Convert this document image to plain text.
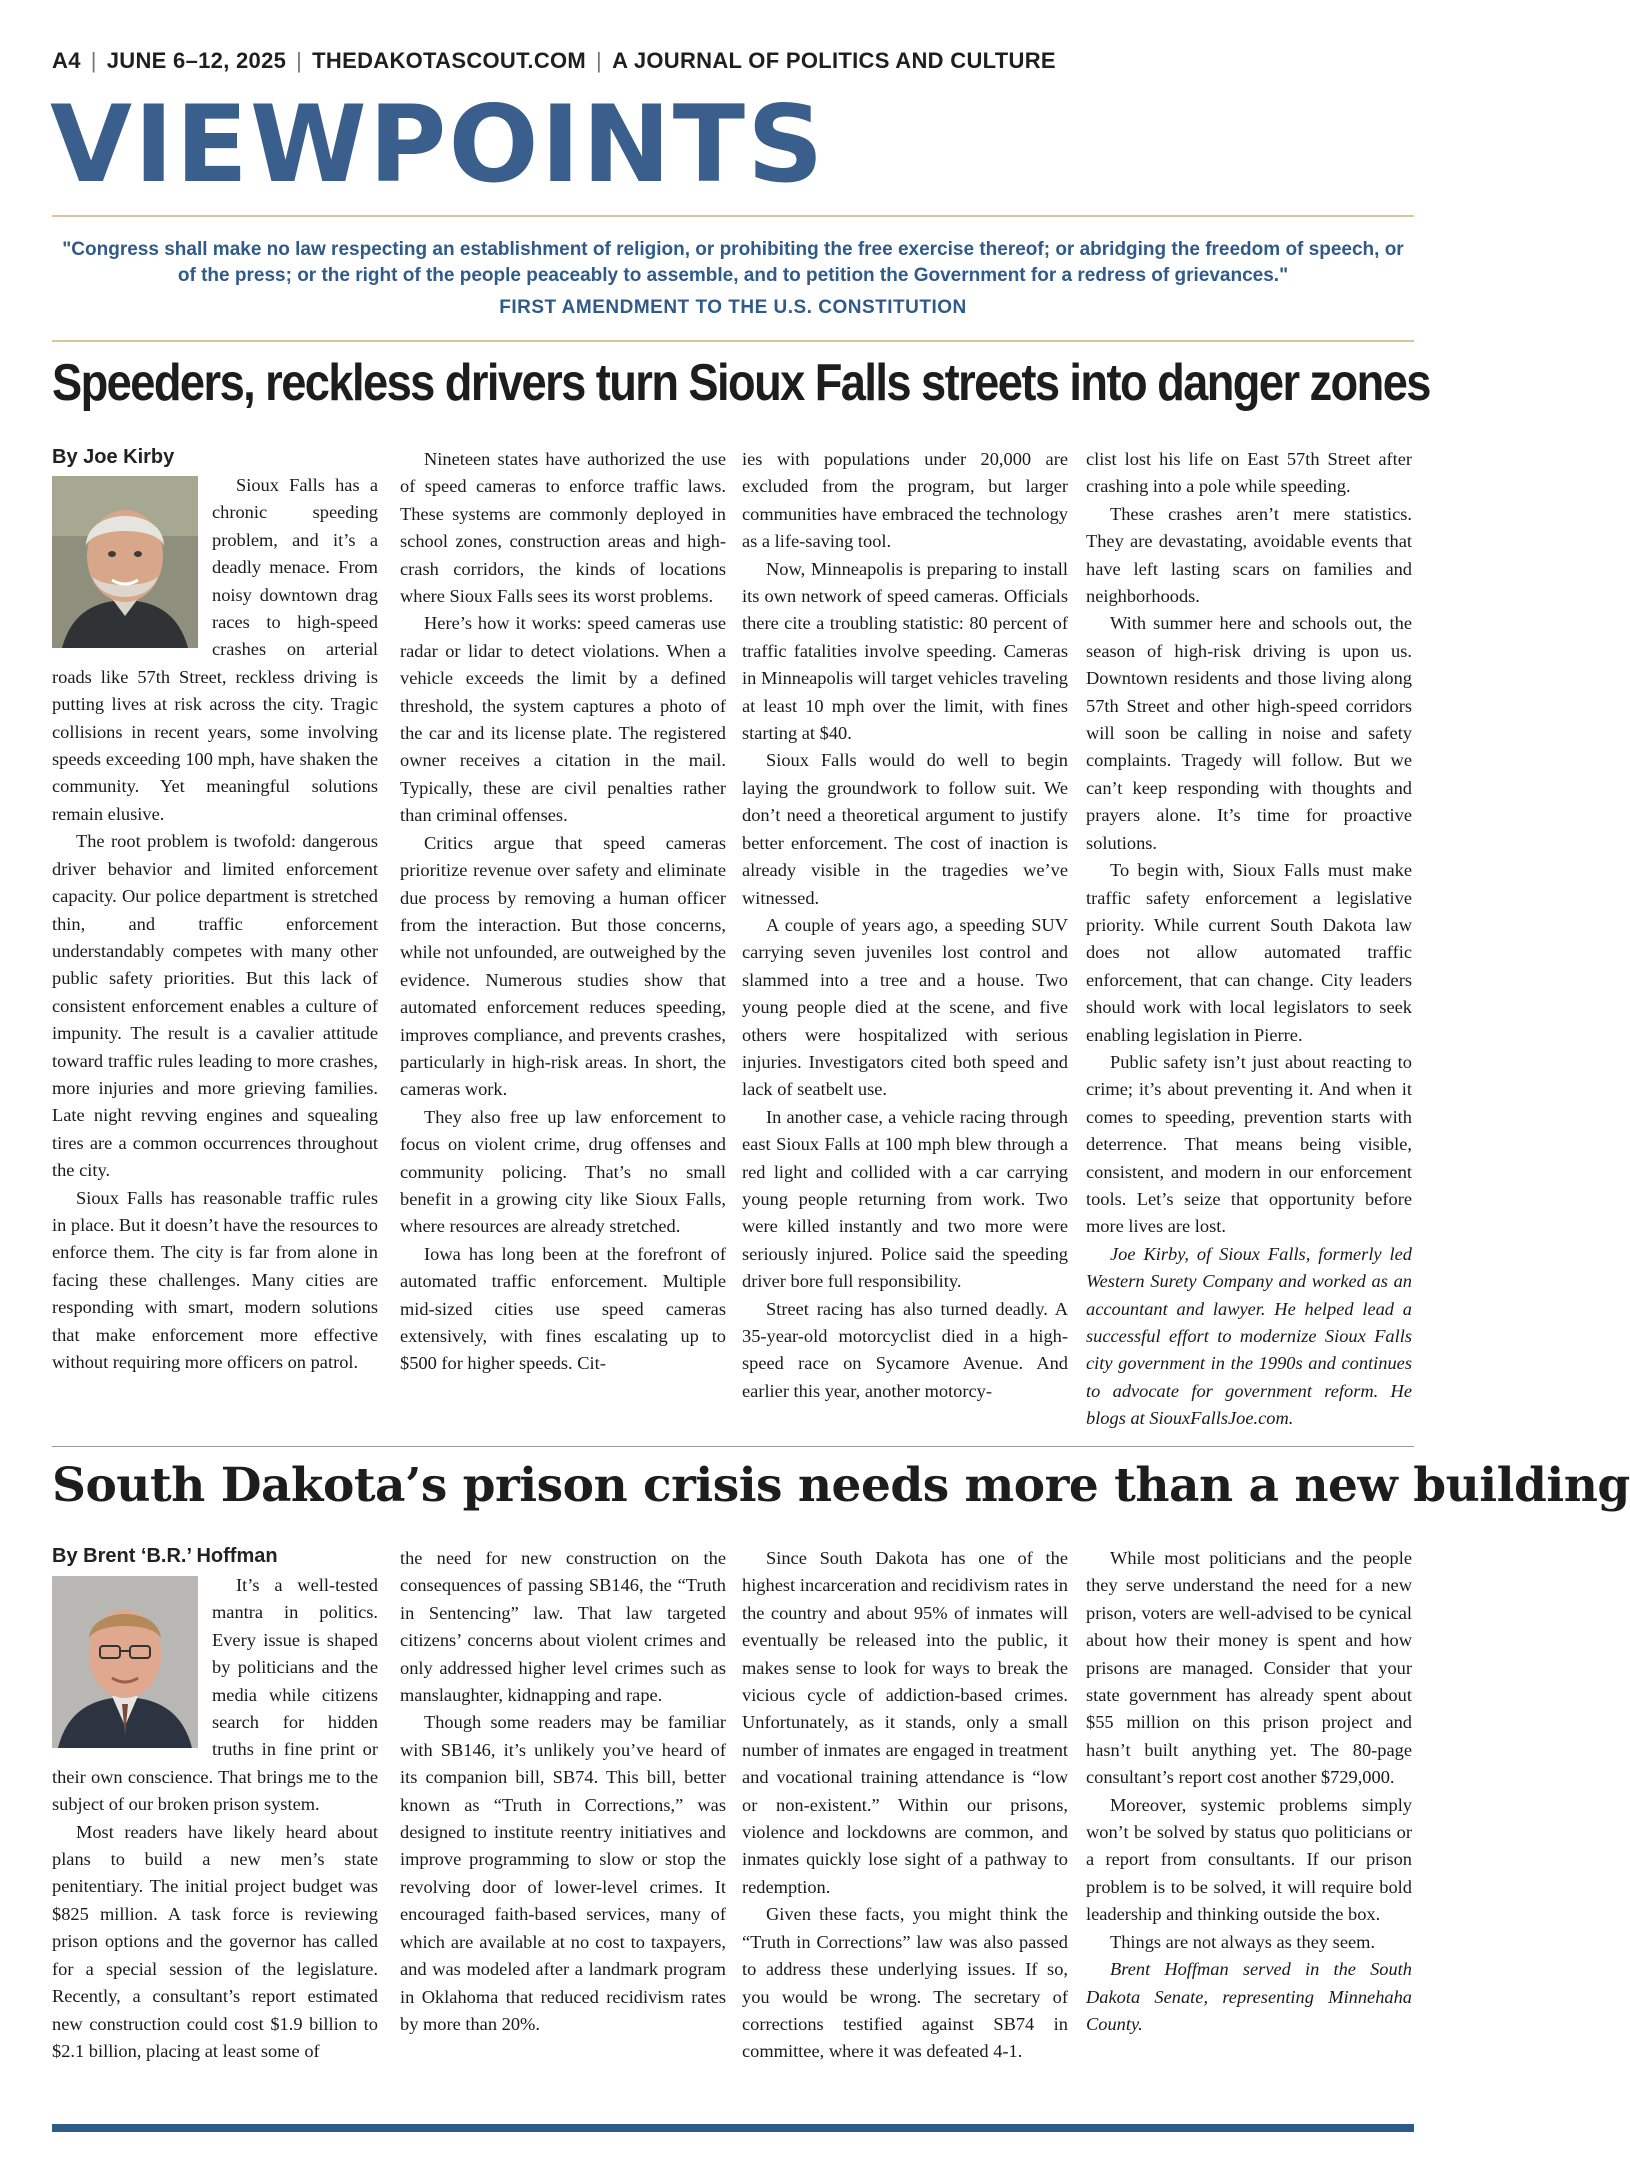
A4 | JUNE 6–12, 2025 | THEDAKOTASCOUT.COM | A JOURNAL OF POLITICS AND CULTURE
VIEWPOINTS
"Congress shall make no law respecting an establishment of religion, or prohibiting the free exercise thereof; or abridging the freedom of speech, or of the press; or the right of the people peaceably to assemble, and to petition the Government for a redress of grievances."
FIRST AMENDMENT TO THE U.S. CONSTITUTION
Speeders, reckless drivers turn Sioux Falls streets into danger zones
By Joe Kirby

Sioux Falls has a chronic speeding problem, and it’s a deadly menace. From noisy downtown drag races to high-speed crashes on arterial roads like 57th Street, reckless driving is putting lives at risk across the city. Tragic collisions in recent years, some involving speeds exceeding 100 mph, have shaken the community. Yet meaningful solutions remain elusive.

The root problem is twofold: dangerous driver behavior and limited enforcement capacity. Our police department is stretched thin, and traffic enforcement understandably competes with many other public safety priorities. But this lack of consistent enforcement enables a culture of impunity. The result is a cavalier attitude toward traffic rules leading to more crashes, more injuries and more grieving families. Late night revving engines and squealing tires are a common occurrences throughout the city.

Sioux Falls has reasonable traffic rules in place. But it doesn’t have the resources to enforce them. The city is far from alone in facing these challenges. Many cities are responding with smart, modern solutions that make enforcement more effective without requiring more officers on patrol.

Nineteen states have authorized the use of speed cameras to enforce traffic laws. These systems are commonly deployed in school zones, construction areas and high-crash corridors, the kinds of locations where Sioux Falls sees its worst problems.

Here’s how it works: speed cameras use radar or lidar to detect violations. When a vehicle exceeds the limit by a defined threshold, the system captures a photo of the car and its license plate. The registered owner receives a citation in the mail. Typically, these are civil penalties rather than criminal offenses.

Critics argue that speed cameras prioritize revenue over safety and eliminate due process by removing a human officer from the interaction. But those concerns, while not unfounded, are outweighed by the evidence. Numerous studies show that automated enforcement reduces speeding, improves compliance, and prevents crashes, particularly in high-risk areas. In short, the cameras work.

They also free up law enforcement to focus on violent crime, drug offenses and community policing. That’s no small benefit in a growing city like Sioux Falls, where resources are already stretched.

Iowa has long been at the forefront of automated traffic enforcement. Multiple mid-sized cities use speed cameras extensively, with fines escalating up to $500 for higher speeds. Cit-

ies with populations under 20,000 are excluded from the program, but larger communities have embraced the technology as a life-saving tool.

Now, Minneapolis is preparing to install its own network of speed cameras. Officials there cite a troubling statistic: 80 percent of traffic fatalities involve speeding. Cameras in Minneapolis will target vehicles traveling at least 10 mph over the limit, with fines starting at $40.

Sioux Falls would do well to begin laying the groundwork to follow suit. We don’t need a theoretical argument to justify better enforcement. The cost of inaction is already visible in the tragedies we’ve witnessed.

A couple of years ago, a speeding SUV carrying seven juveniles lost control and slammed into a tree and a house. Two young people died at the scene, and five others were hospitalized with serious injuries. Investigators cited both speed and lack of seatbelt use.

In another case, a vehicle racing through east Sioux Falls at 100 mph blew through a red light and collided with a car carrying young people returning from work. Two were killed instantly and two more were seriously injured. Police said the speeding driver bore full responsibility.

Street racing has also turned deadly. A 35-year-old motorcyclist died in a high-speed race on Sycamore Avenue. And earlier this year, another motorcy-

clist lost his life on East 57th Street after crashing into a pole while speeding.

These crashes aren’t mere statistics. They are devastating, avoidable events that have left lasting scars on families and neighborhoods.

With summer here and schools out, the season of high-risk driving is upon us. Downtown residents and those living along 57th Street and other high-speed corridors will soon be calling in noise and safety complaints. Tragedy will follow. But we can’t keep responding with thoughts and prayers alone. It’s time for proactive solutions.

To begin with, Sioux Falls must make traffic safety enforcement a legislative priority. While current South Dakota law does not allow automated traffic enforcement, that can change. City leaders should work with local legislators to seek enabling legislation in Pierre.

Public safety isn’t just about reacting to crime; it’s about preventing it. And when it comes to speeding, prevention starts with deterrence. That means being visible, consistent, and modern in our enforcement tools. Let’s seize that opportunity before more lives are lost.

Joe Kirby, of Sioux Falls, formerly led Western Surety Company and worked as an accountant and lawyer. He helped lead a successful effort to modernize Sioux Falls city government in the 1990s and continues to advocate for government reform. He blogs at SiouxFallsJoe.com.

South Dakota’s prison crisis needs more than a new building
By Brent ‘B.R.’ Hoffman

It’s a well-tested mantra in politics. Every issue is shaped by politicians and the media while citizens search for hidden truths in fine print or their own conscience. That brings me to the subject of our broken prison system.

Most readers have likely heard about plans to build a new men’s state penitentiary. The initial project budget was $825 million. A task force is reviewing prison options and the governor has called for a special session of the legislature. Recently, a consultant’s report estimated new construction could cost $1.9 billion to $2.1 billion, placing at least some of

the need for new construction on the consequences of passing SB146, the “Truth in Sentencing” law. That law targeted citizens’ concerns about violent crimes and only addressed higher level crimes such as manslaughter, kidnapping and rape.

Though some readers may be familiar with SB146, it’s unlikely you’ve heard of its companion bill, SB74. This bill, better known as “Truth in Corrections,” was designed to institute reentry initiatives and improve programming to slow or stop the revolving door of lower-level crimes. It encouraged faith-based services, many of which are available at no cost to taxpayers, and was modeled after a landmark program in Oklahoma that reduced recidivism rates by more than 20%.

Since South Dakota has one of the highest incarceration and recidivism rates in the country and about 95% of inmates will eventually be released into the public, it makes sense to look for ways to break the vicious cycle of addiction-based crimes. Unfortunately, as it stands, only a small number of inmates are engaged in treatment and vocational training attendance is “low or non-existent.” Within our prisons, violence and lockdowns are common, and inmates quickly lose sight of a pathway to redemption.

Given these facts, you might think the “Truth in Corrections” law was also passed to address these underlying issues. If so, you would be wrong. The secretary of corrections testified against SB74 in committee, where it was defeated 4-1.

While most politicians and the people they serve understand the need for a new prison, voters are well-advised to be cynical about how their money is spent and how prisons are managed. Consider that your state government has already spent about $55 million on this prison project and hasn’t built anything yet. The 80-page consultant’s report cost another $729,000.

Moreover, systemic problems simply won’t be solved by status quo politicians or a report from consultants. If our prison problem is to be solved, it will require bold leadership and thinking outside the box.

Things are not always as they seem.

Brent Hoffman served in the South Dakota Senate, representing Minnehaha County.
